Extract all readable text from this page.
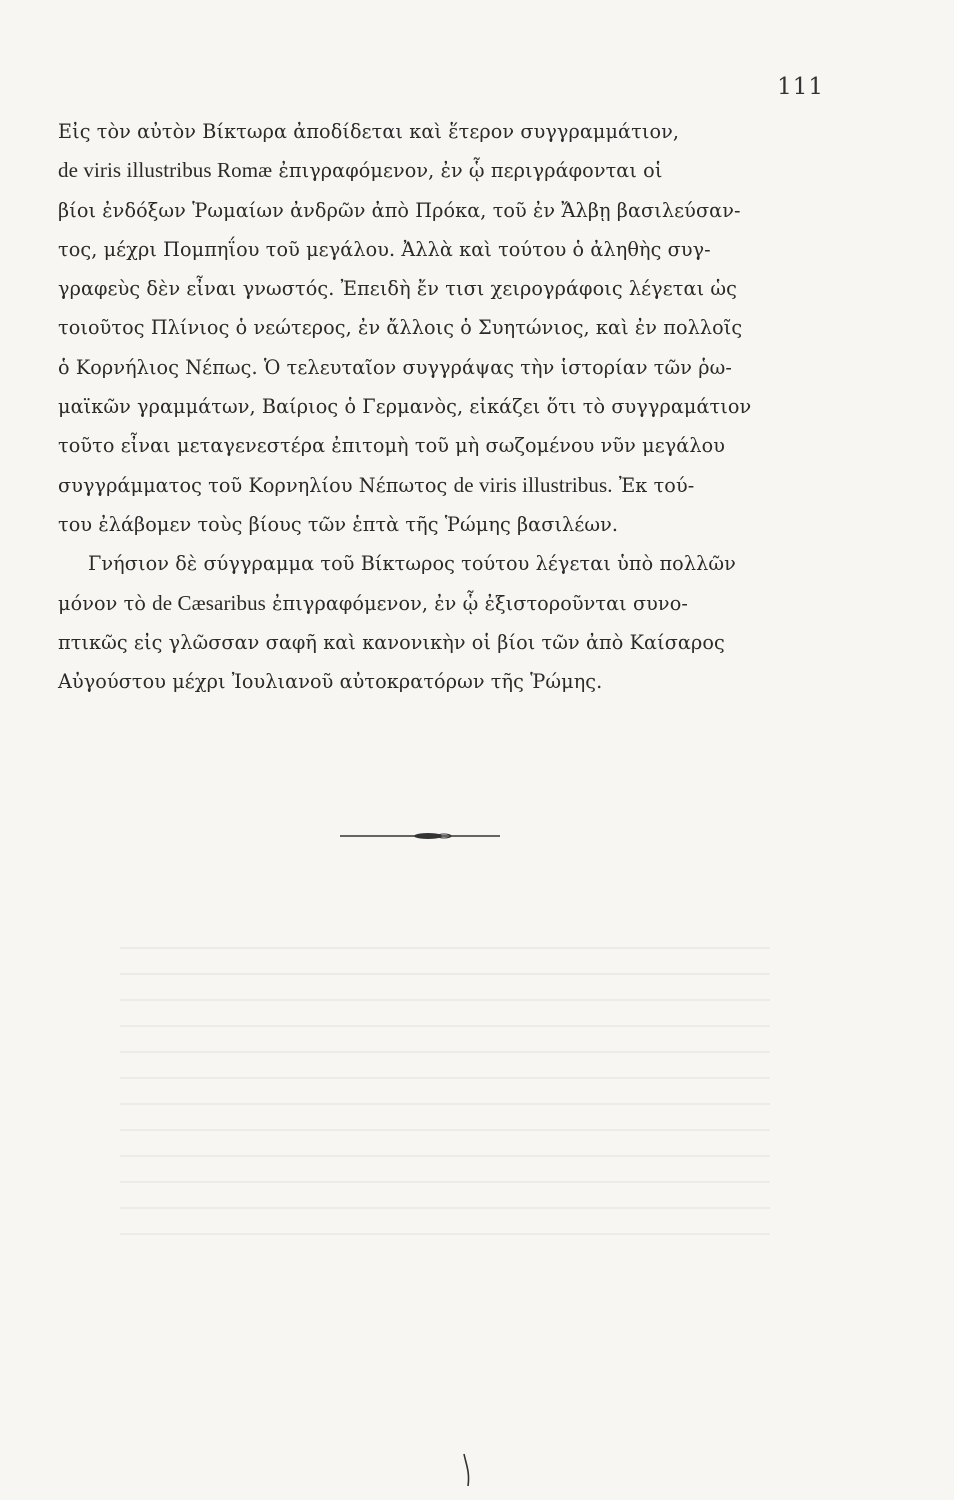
111
Εἰς τὸν αὐτὸν Βίκτωρα ἀποδίδεται καὶ ἕτερον συγγραμμάτιον,
de viris illustribus Romæ ἐπιγραφόμενον, ἐν ᾧ περιγράφονται οἱ
βίοι ἐνδόξων Ῥωμαίων ἀνδρῶν ἀπὸ Πρόκα, τοῦ ἐν Ἄλβῃ βασιλεύσαν-
τος, μέχρι Πομπηΐου τοῦ μεγάλου. Ἀλλὰ καὶ τούτου ὁ ἀληθὴς συγ-
γραφεὺς δὲν εἶναι γνωστός. Ἐπειδὴ ἔν τισι χειρογράφοις λέγεται ὡς
τοιοῦτος Πλίνιος ὁ νεώτερος, ἐν ἄλλοις ὁ Συητώνιος, καὶ ἐν πολλοῖς
ὁ Κορνήλιος Νέπως. Ὁ τελευταῖον συγγράψας τὴν ἱστορίαν τῶν ῥω-
μαϊκῶν γραμμάτων, Βαίριος ὁ Γερμανὸς, εἰκάζει ὅτι τὸ συγγραμάτιον
τοῦτο εἶναι μεταγενεστέρα ἐπιτομὴ τοῦ μὴ σωζομένου νῦν μεγάλου
συγγράμματος τοῦ Κορνηλίου Νέπωτος de viris illustribus. Ἐκ τού-
του ἐλάβομεν τοὺς βίους τῶν ἑπτὰ τῆς Ῥώμης βασιλέων.
Γνήσιον δὲ σύγγραμμα τοῦ Βίκτωρος τούτου λέγεται ὑπὸ πολλῶν
μόνον τὸ de Cæsaribus ἐπιγραφόμενον, ἐν ᾧ ἐξιστοροῦνται συνο-
πτικῶς εἰς γλῶσσαν σαφῆ καὶ κανονικὴν οἱ βίοι τῶν ἀπὸ Καίσαρος
Αὐγούστου μέχρι Ἰουλιανοῦ αὐτοκρατόρων τῆς Ῥώμης.
